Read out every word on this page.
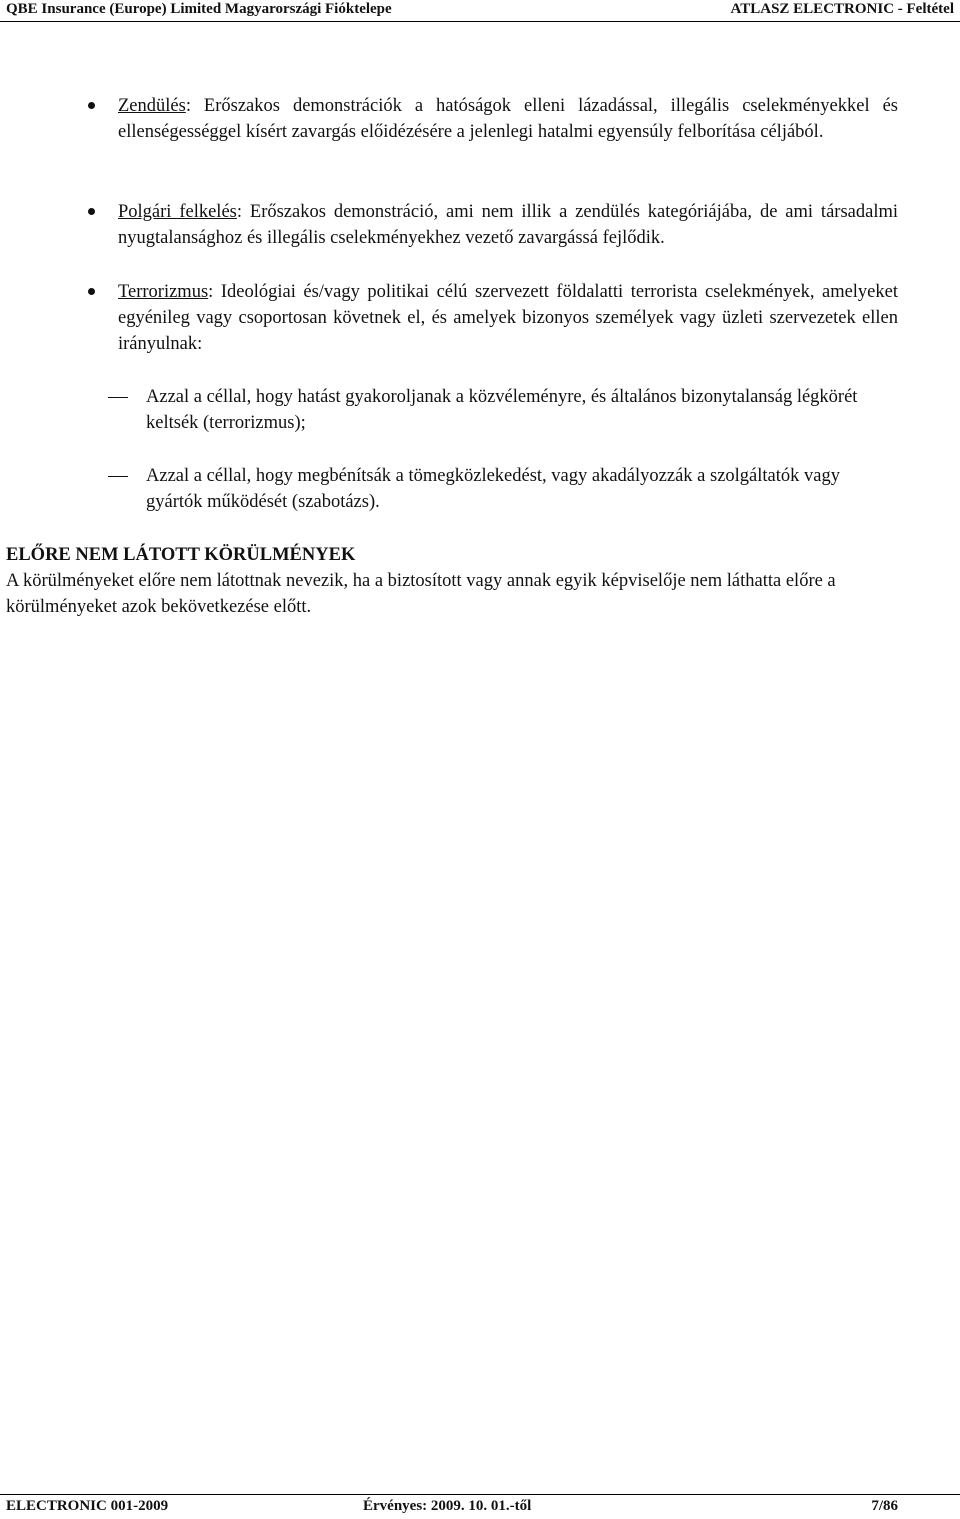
QBE Insurance (Europe) Limited Magyarországi Fióktelepe	ATLASZ ELECTRONIC - Feltétel
Zendülés: Erőszakos demonstrációk a hatóságok elleni lázadással, illegális cselekményekkel és ellenségességgel kísért zavargás előidézésére a jelenlegi hatalmi egyensúly felborítása céljából.
Polgári felkelés: Erőszakos demonstráció, ami nem illik a zendülés kategóriájába, de ami társadalmi nyugtalansághoz és illegális cselekményekhez vezető zavargássá fejlődik.
Terrorizmus: Ideológiai és/vagy politikai célú szervezett földalatti terrorista cselekmények, amelyeket egyénileg vagy csoportosan követnek el, és amelyek bizonyos személyek vagy üzleti szervezetek ellen irányulnak:
Azzal a céllal, hogy hatást gyakoroljanak a közvéleményre, és általános bizonytalanság légkörét keltsék (terrorizmus);
Azzal a céllal, hogy megbénítsák a tömegközlekedést, vagy akadályozzák a szolgáltatók vagy gyártók működését (szabotázs).
ELŐRE NEM LÁTOTT KÖRÜLMÉNYEK
A körülményeket előre nem látottnak nevezik, ha a biztosított vagy annak egyik képviselője nem láthatta előre a körülményeket azok bekövetkezése előtt.
ELECTRONIC 001-2009	Érvényes: 2009. 10. 01.-től	7/86
